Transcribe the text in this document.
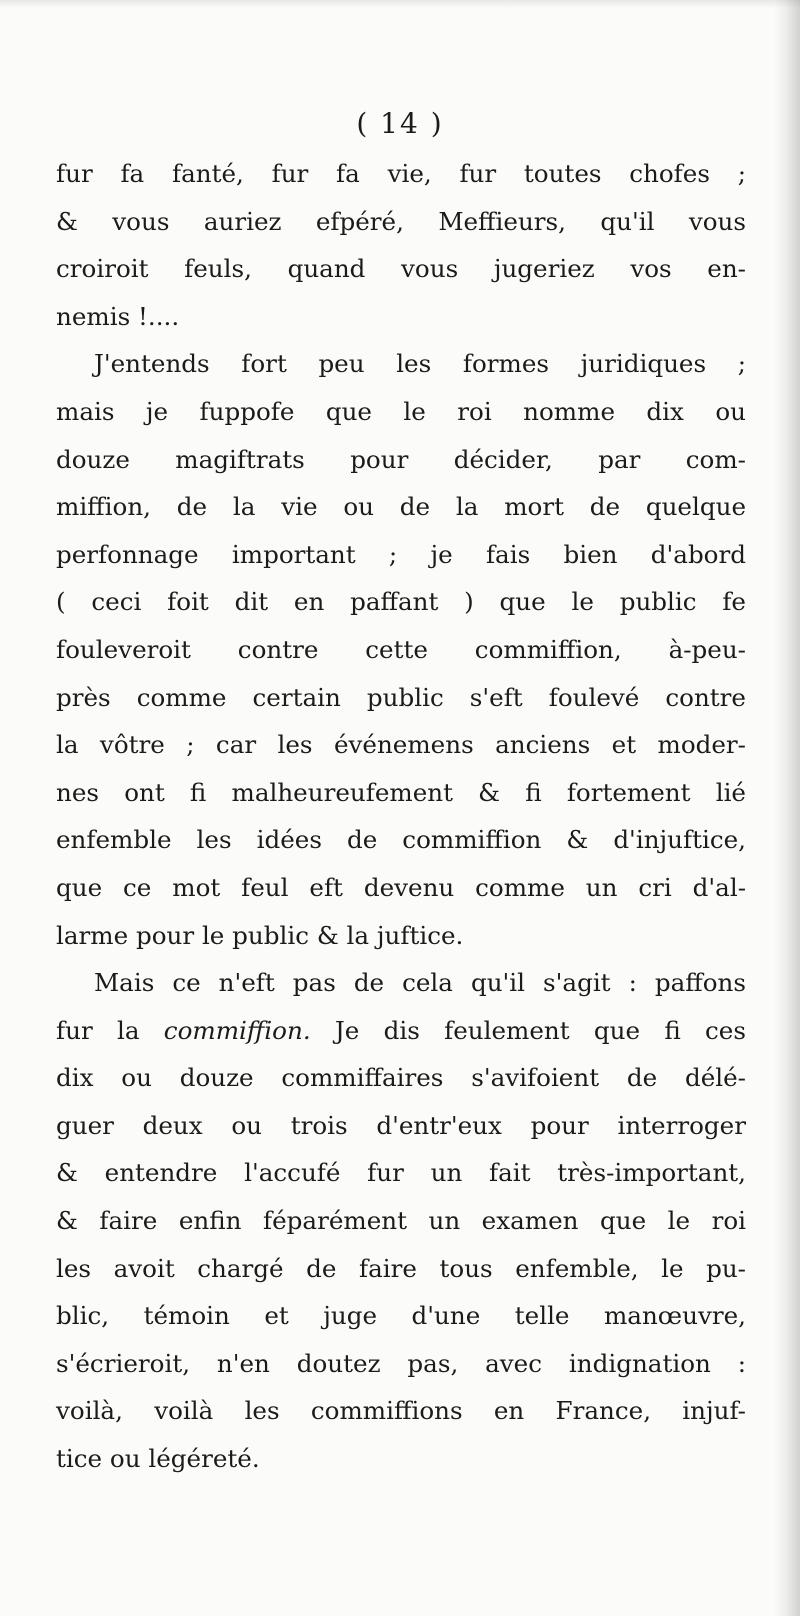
( 14 )
fur fa fanté, fur fa vie, fur toutes chofes ;
& vous auriez efpéré, Meffieurs, qu'il vous
croiroit feuls, quand vous jugeriez vos en-
nemis !....
J'entends fort peu les formes juridiques ;
mais je fuppofe que le roi nomme dix ou
douze magiftrats pour décider, par com-
miffion, de la vie ou de la mort de quelque
perfonnage important ; je fais bien d'abord
( ceci foit dit en paffant ) que le public fe
fouleveroit contre cette commiffion, à-peu-
près comme certain public s'eft foulevé contre
la vôtre ; car les événemens anciens et moder-
nes ont fi malheureufement & fi fortement lié
enfemble les idées de commiffion & d'injuftice,
que ce mot feul eft devenu comme un cri d'al-
larme pour le public & la juftice.
Mais ce n'eft pas de cela qu'il s'agit : paffons
fur la commiffion. Je dis feulement que fi ces
dix ou douze commiffaires s'avifoient de délé-
guer deux ou trois d'entr'eux pour interroger
& entendre l'accufé fur un fait très-important,
& faire enfin féparément un examen que le roi
les avoit chargé de faire tous enfemble, le pu-
blic, témoin et juge d'une telle manœuvre,
s'écrieroit, n'en doutez pas, avec indignation :
voilà, voilà les commiffions en France, injuf-
tice ou légéreté.
